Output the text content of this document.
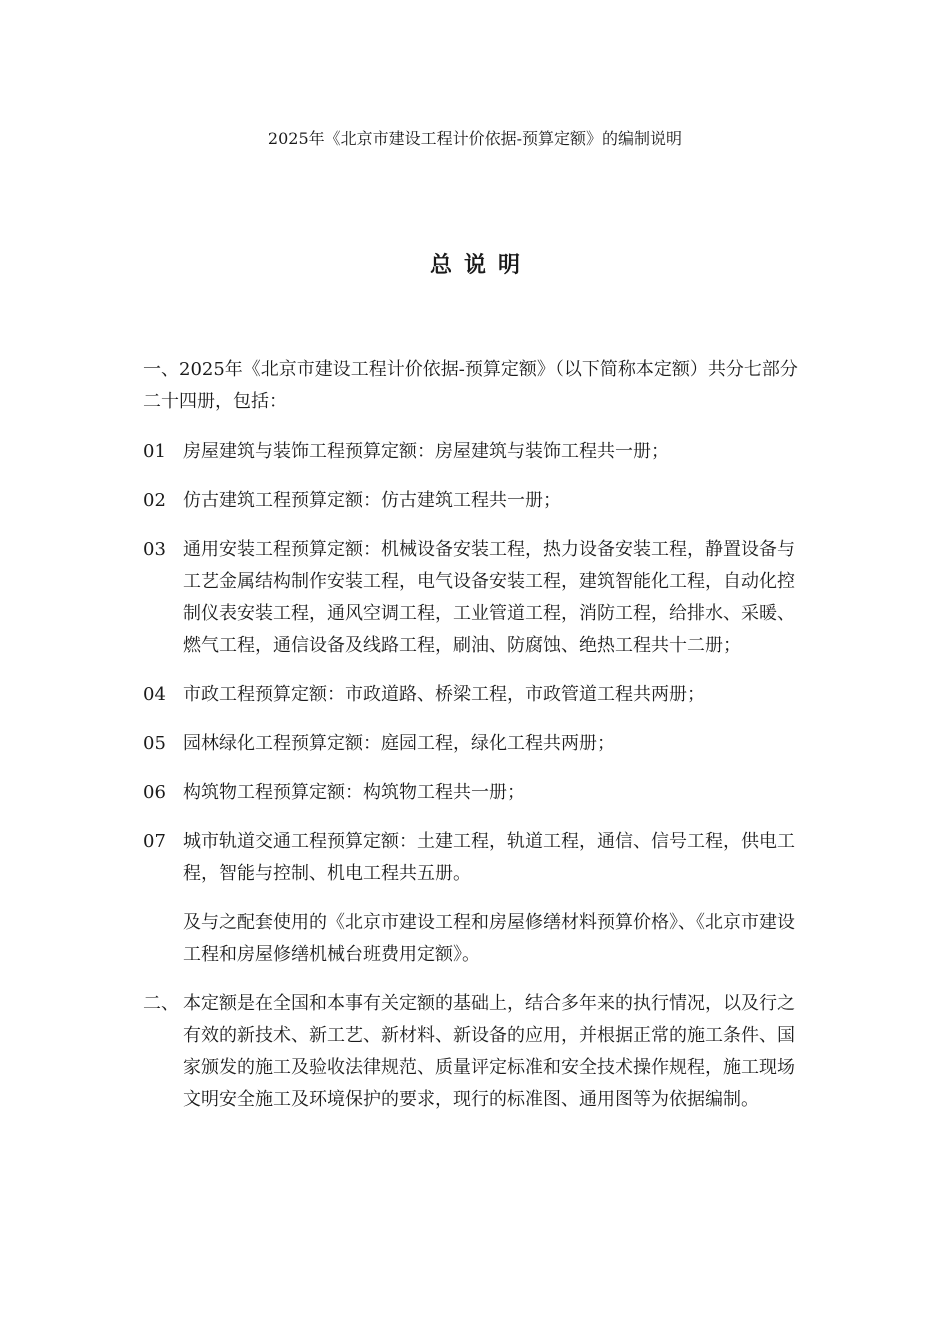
2025年《北京市建设工程计价依据-预算定额》的编制说明
总说明
一、2025年《北京市建设工程计价依据-预算定额》（以下简称本定额）共分七部分二十四册，包括：
01 房屋建筑与装饰工程预算定额：房屋建筑与装饰工程共一册；
02 仿古建筑工程预算定额：仿古建筑工程共一册；
03 通用安装工程预算定额：机械设备安装工程，热力设备安装工程，静置设备与工艺金属结构制作安装工程，电气设备安装工程，建筑智能化工程，自动化控制仪表安装工程，通风空调工程，工业管道工程，消防工程，给排水、采暖、燃气工程，通信设备及线路工程，刷油、防腐蚀、绝热工程共十二册；
04 市政工程预算定额：市政道路、桥梁工程，市政管道工程共两册；
05 园林绿化工程预算定额：庭园工程，绿化工程共两册；
06 构筑物工程预算定额：构筑物工程共一册；
07 城市轨道交通工程预算定额：土建工程，轨道工程，通信、信号工程，供电工程，智能与控制、机电工程共五册。
及与之配套使用的《北京市建设工程和房屋修缮材料预算价格》、《北京市建设工程和房屋修缮机械台班费用定额》。
二、 本定额是在全国和本事有关定额的基础上，结合多年来的执行情况，以及行之有效的新技术、新工艺、新材料、新设备的应用，并根据正常的施工条件、国家颁发的施工及验收法律规范、质量评定标准和安全技术操作规程，施工现场文明安全施工及环境保护的要求，现行的标准图、通用图等为依据编制。
